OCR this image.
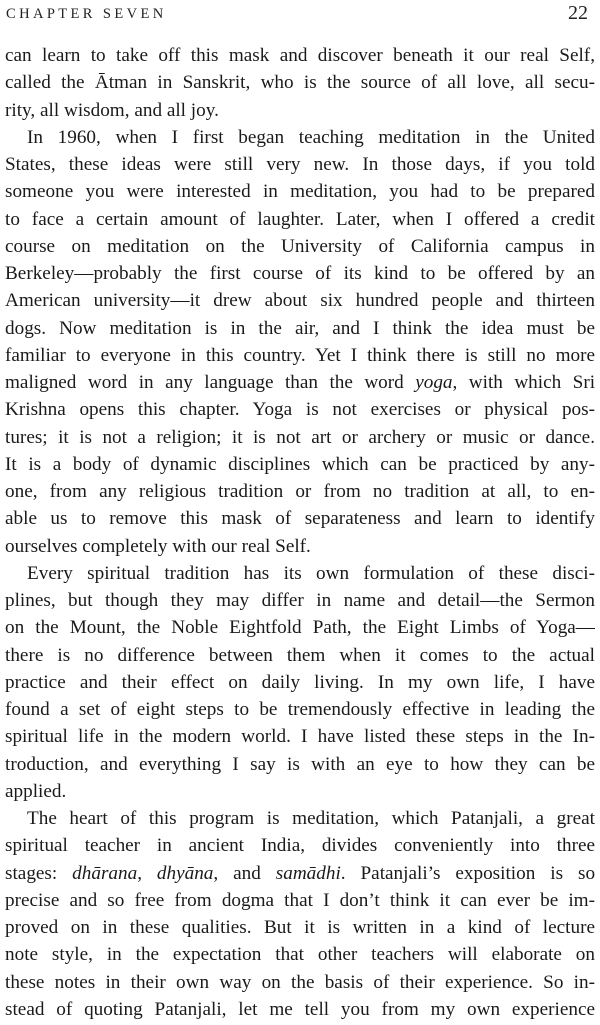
CHAPTER SEVEN	22
can learn to take off this mask and discover beneath it our real Self,
called the Ātman in Sanskrit, who is the source of all love, all secu-
rity, all wisdom, and all joy.
In 1960, when I first began teaching meditation in the United
States, these ideas were still very new. In those days, if you told
someone you were interested in meditation, you had to be prepared
to face a certain amount of laughter. Later, when I offered a credit
course on meditation on the University of California campus in
Berkeley—probably the first course of its kind to be offered by an
American university—it drew about six hundred people and thirteen
dogs. Now meditation is in the air, and I think the idea must be
familiar to everyone in this country. Yet I think there is still no more
maligned word in any language than the word yoga, with which Sri
Krishna opens this chapter. Yoga is not exercises or physical pos-
tures; it is not a religion; it is not art or archery or music or dance.
It is a body of dynamic disciplines which can be practiced by any-
one, from any religious tradition or from no tradition at all, to en-
able us to remove this mask of separateness and learn to identify
ourselves completely with our real Self.
Every spiritual tradition has its own formulation of these disci-
plines, but though they may differ in name and detail—the Sermon
on the Mount, the Noble Eightfold Path, the Eight Limbs of Yoga—
there is no difference between them when it comes to the actual
practice and their effect on daily living. In my own life, I have
found a set of eight steps to be tremendously effective in leading the
spiritual life in the modern world. I have listed these steps in the In-
troduction, and everything I say is with an eye to how they can be
applied.
The heart of this program is meditation, which Patanjali, a great
spiritual teacher in ancient India, divides conveniently into three
stages: dhārana, dhyāna, and samādhi. Patanjali’s exposition is so
precise and so free from dogma that I don’t think it can ever be im-
proved on in these qualities. But it is written in a kind of lecture
note style, in the expectation that other teachers will elaborate on
these notes in their own way on the basis of their experience. So in-
stead of quoting Patanjali, let me tell you from my own experience
